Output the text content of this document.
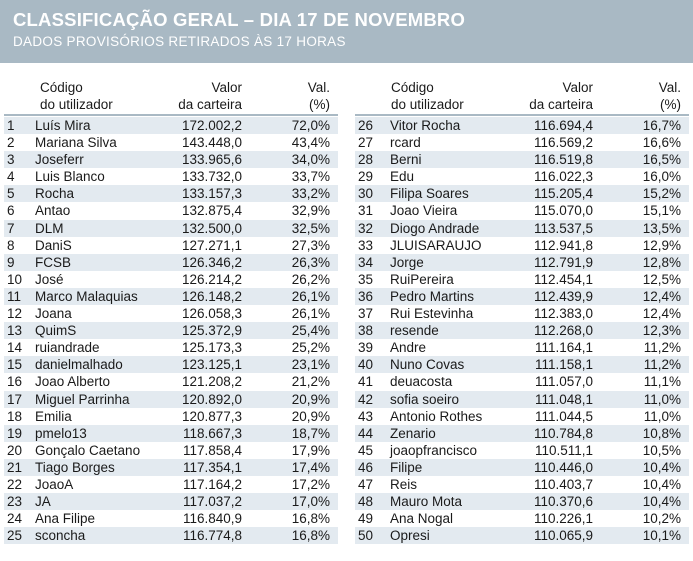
CLASSIFICAÇÃO GERAL – DIA 17 DE NOVEMBRO
DADOS PROVISÓRIOS RETIRADOS ÀS 17 HORAS
Código
do utilizador
Valor
da carteira
Val.
(%)
1 Luís Mira	172.002,2	72,0%
2 Mariana Silva	143.448,0	43,4%
3 Joseferr	133.965,6	34,0%
4 Luis Blanco	133.732,0	33,7%
5 Rocha	133.157,3	33,2%
6 Antao	132.875,4	32,9%
7 DLM	132.500,0	32,5%
8 DaniS	127.271,1	27,3%
9 FCSB	126.346,2	26,3%
10 José	126.214,2	26,2%
11 Marco Malaquias	126.148,2	26,1%
12 Joana	126.058,3	26,1%
13 QuimS	125.372,9	25,4%
14 ruiandrade	125.173,3	25,2%
15 danielmalhado	123.125,1	23,1%
16 Joao Alberto	121.208,2	21,2%
17 Miguel Parrinha	120.892,0	20,9%
18 Emilia	120.877,3	20,9%
19 pmelo13	118.667,3	18,7%
20 Gonçalo Caetano	117.858,4	17,9%
21 Tiago Borges	117.354,1	17,4%
22 JoaoA	117.164,2	17,2%
23 JA	117.037,2	17,0%
24 Ana Filipe	116.840,9	16,8%
25 sconcha	116.774,8	16,8%
Código
do utilizador
Valor
da carteira
Val.
(%)
26 Vitor Rocha	116.694,4	16,7%
27 rcard	116.569,2	16,6%
28 Berni	116.519,8	16,5%
29 Edu	116.022,3	16,0%
30 Filipa Soares	115.205,4	15,2%
31 Joao Vieira	115.070,0	15,1%
32 Diogo Andrade	113.537,5	13,5%
33 JLUISARAUJO	112.941,8	12,9%
34 Jorge	112.791,9	12,8%
35 RuiPereira	112.454,1	12,5%
36 Pedro Martins	112.439,9	12,4%
37 Rui Estevinha	112.383,0	12,4%
38 resende	112.268,0	12,3%
39 Andre	111.164,1	11,2%
40 Nuno Covas	111.158,1	11,2%
41 deuacosta	111.057,0	11,1%
42 sofia soeiro	111.048,1	11,0%
43 Antonio Rothes	111.044,5	11,0%
44 Zenario	110.784,8	10,8%
45 joaopfrancisco	110.511,1	10,5%
46 Filipe	110.446,0	10,4%
47 Reis	110.403,7	10,4%
48 Mauro Mota	110.370,6	10,4%
49 Ana Nogal	110.226,1	10,2%
50 Opresi	110.065,9	10,1%
